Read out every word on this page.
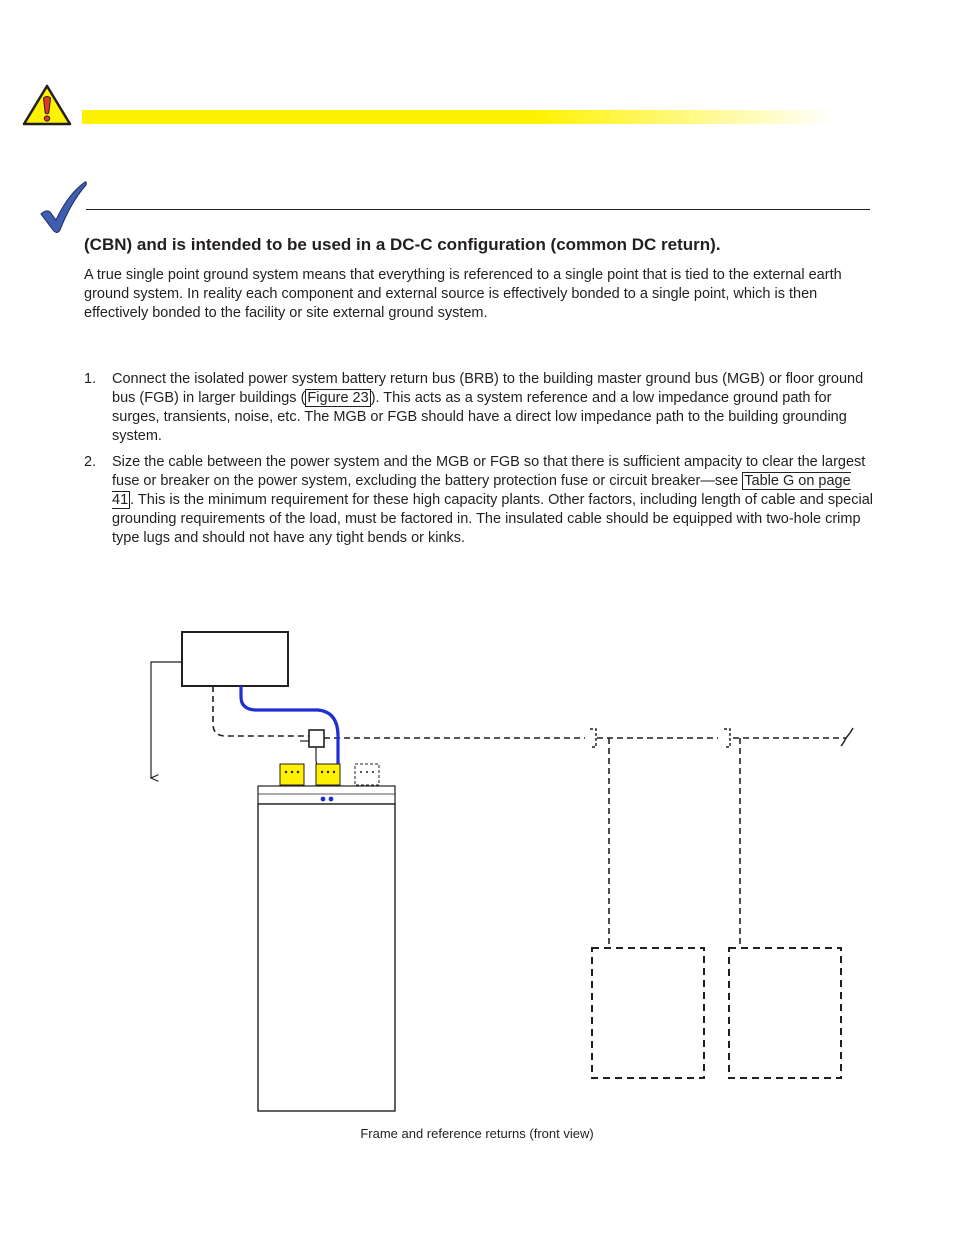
(CBN) and is intended to be used in a DC-C configuration (common DC return).

A true single point ground system means that everything is referenced to a single point that is tied to the external earth ground system. In reality each component and external source is effectively bonded to a single point, which is then effectively bonded to the facility or site external ground system.

1. Connect the isolated power system battery return bus (BRB) to the building master ground bus (MGB) or floor ground bus (FGB) in larger buildings ( Figure 23 ). This acts as a system reference and a low impedance ground path for surges, transients, noise, etc. The MGB or FGB should have a direct low impedance path to the building grounding system.
2. Size the cable between the power system and the MGB or FGB so that there is sufficient ampacity to clear the largest fuse or breaker on the power system, excluding the battery protection fuse or circuit breaker—see Table G on page 41 . This is the minimum requirement for these high capacity plants. Other factors, including length of cable and special grounding requirements of the load, must be factored in. The insulated cable should be equipped with two-hole crimp type lugs and should not have any tight bends or kinks.
Frame and reference returns (front view)
